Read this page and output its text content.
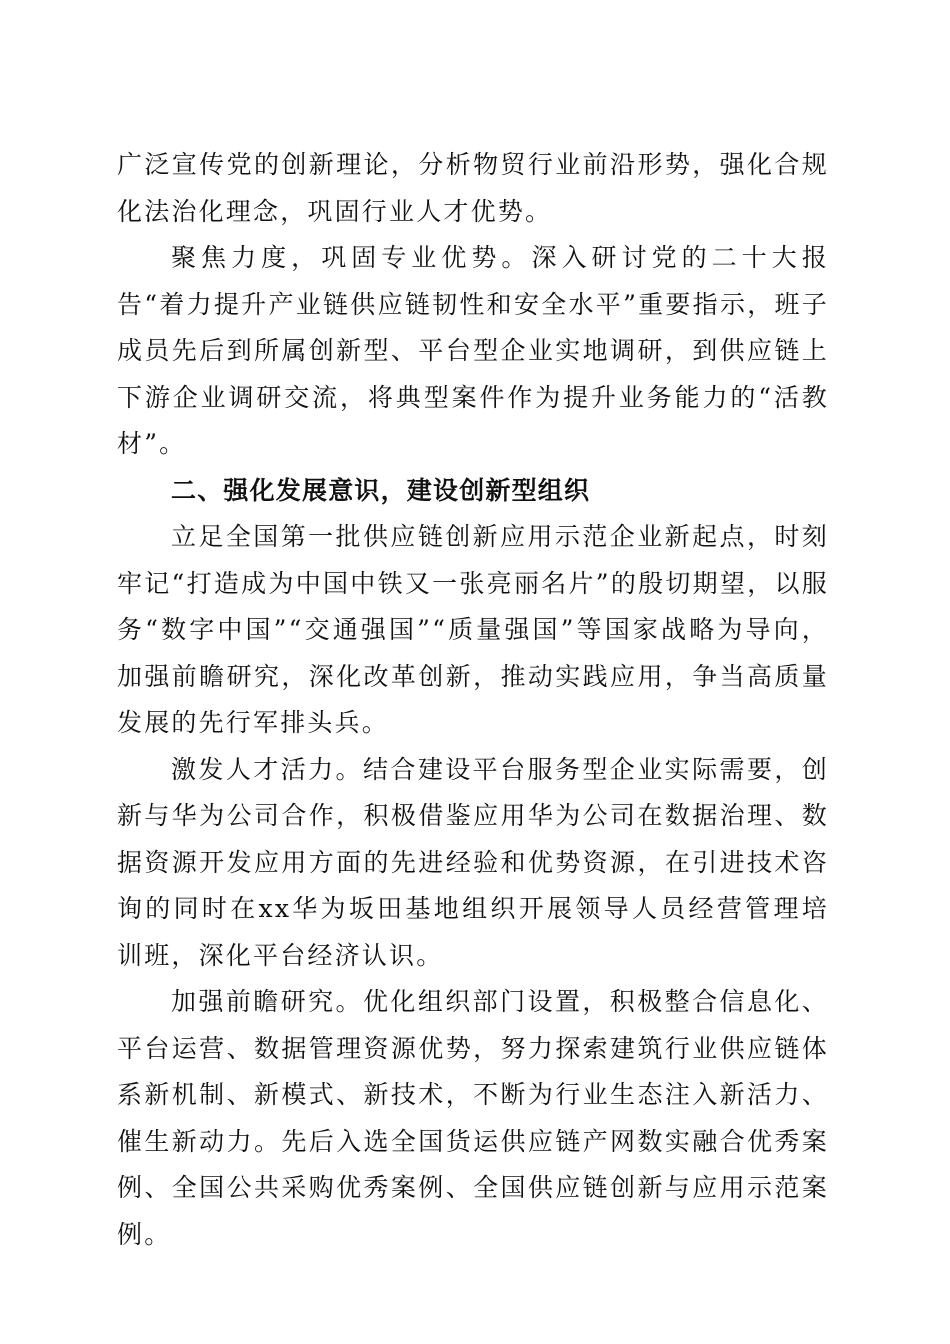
广泛宣传党的创新理论，分析物贸行业前沿形势，强化合规化法治化理念，巩固行业人才优势。

聚焦力度，巩固专业优势。深入研讨党的二十大报告“着力提升产业链供应链韧性和安全水平”重要指示，班子成员先后到所属创新型、平台型企业实地调研，到供应链上下游企业调研交流，将典型案件作为提升业务能力的“活教材”。

二、强化发展意识，建设创新型组织

立足全国第一批供应链创新应用示范企业新起点，时刻牢记“打造成为中国中铁又一张亮丽名片”的殷切期望，以服务“数字中国”“交通强国”“质量强国”等国家战略为导向，加强前瞻研究，深化改革创新，推动实践应用，争当高质量发展的先行军排头兵。

激发人才活力。结合建设平台服务型企业实际需要，创新与华为公司合作，积极借鉴应用华为公司在数据治理、数据资源开发应用方面的先进经验和优势资源，在引进技术咨询的同时在xx华为坂田基地组织开展领导人员经营管理培训班，深化平台经济认识。

加强前瞻研究。优化组织部门设置，积极整合信息化、平台运营、数据管理资源优势，努力探索建筑行业供应链体系新机制、新模式、新技术，不断为行业生态注入新活力、催生新动力。先后入选全国货运供应链产网数实融合优秀案例、全国公共采购优秀案例、全国供应链创新与应用示范案例。
